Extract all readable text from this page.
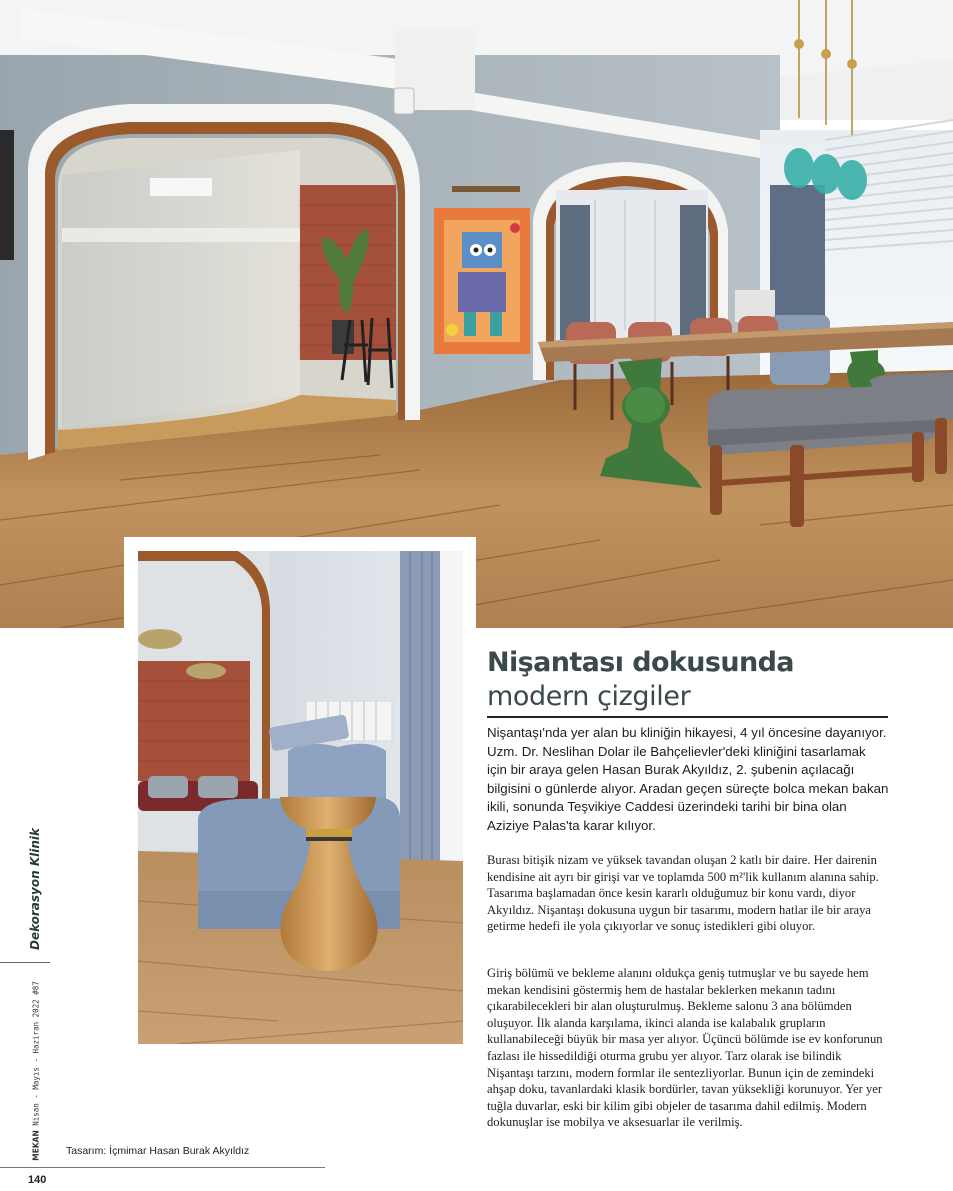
Nişantası dokusunda
modern çizgiler

Nişantaşı'nda yer alan bu kliniğin hikayesi, 4 yıl öncesine dayanıyor. Uzm. Dr. Neslihan Dolar ile Bahçelievler'deki kliniğini tasarlamak için bir araya gelen Hasan Burak Akyıldız, 2. şubenin açılacağı bilgisini o günlerde alıyor. Aradan geçen süreçte bolca mekan bakan ikili, sonunda Teşvikiye Caddesi üzerindeki tarihi bir bina olan Aziziye Palas'ta karar kılıyor.

Burası bitişik nizam ve yüksek tavandan oluşan 2 katlı bir daire. Her dairenin kendisine ait ayrı bir girişi var ve toplamda 500 m²'lik kullanım alanına sahip. Tasarıma başlamadan önce kesin kararlı olduğumuz bir konu vardı, diyor Akyıldız. Nişantaşı dokusuna uygun bir tasarımı, modern hatlar ile bir araya getirme hedefi ile yola çıkıyorlar ve sonuç istedikleri gibi oluyor.

Giriş bölümü ve bekleme alanını oldukça geniş tutmuşlar ve bu sayede hem mekan kendisini göstermiş hem de hastalar beklerken mekanın tadını çıkarabilecekleri bir alan oluşturulmuş. Bekleme salonu 3 ana bölümden oluşuyor. İlk alanda karşılama, ikinci alanda ise kalabalık grupların kullanabileceği büyük bir masa yer alıyor. Üçüncü bölümde ise ev konforunun fazlası ile hissedildiği oturma grubu yer alıyor. Tarz olarak ise bilindik Nişantaşı tarzını, modern formlar ile sentezliyorlar. Bunun için de zemindeki ahşap doku, tavanlardaki klasik bordürler, tavan yüksekliği korunuyor. Yer yer tuğla duvarlar, eski bir kilim gibi objeler de tasarıma dahil edilmiş. Modern dokunuşlar ise mobilya ve aksesuarlar ile verilmiş.

Dekorasyon Klinik
MEKAN Nisan - Mayıs - Haziran 2022 #87
Tasarım: İçmimar Hasan Burak Akyıldız
140
